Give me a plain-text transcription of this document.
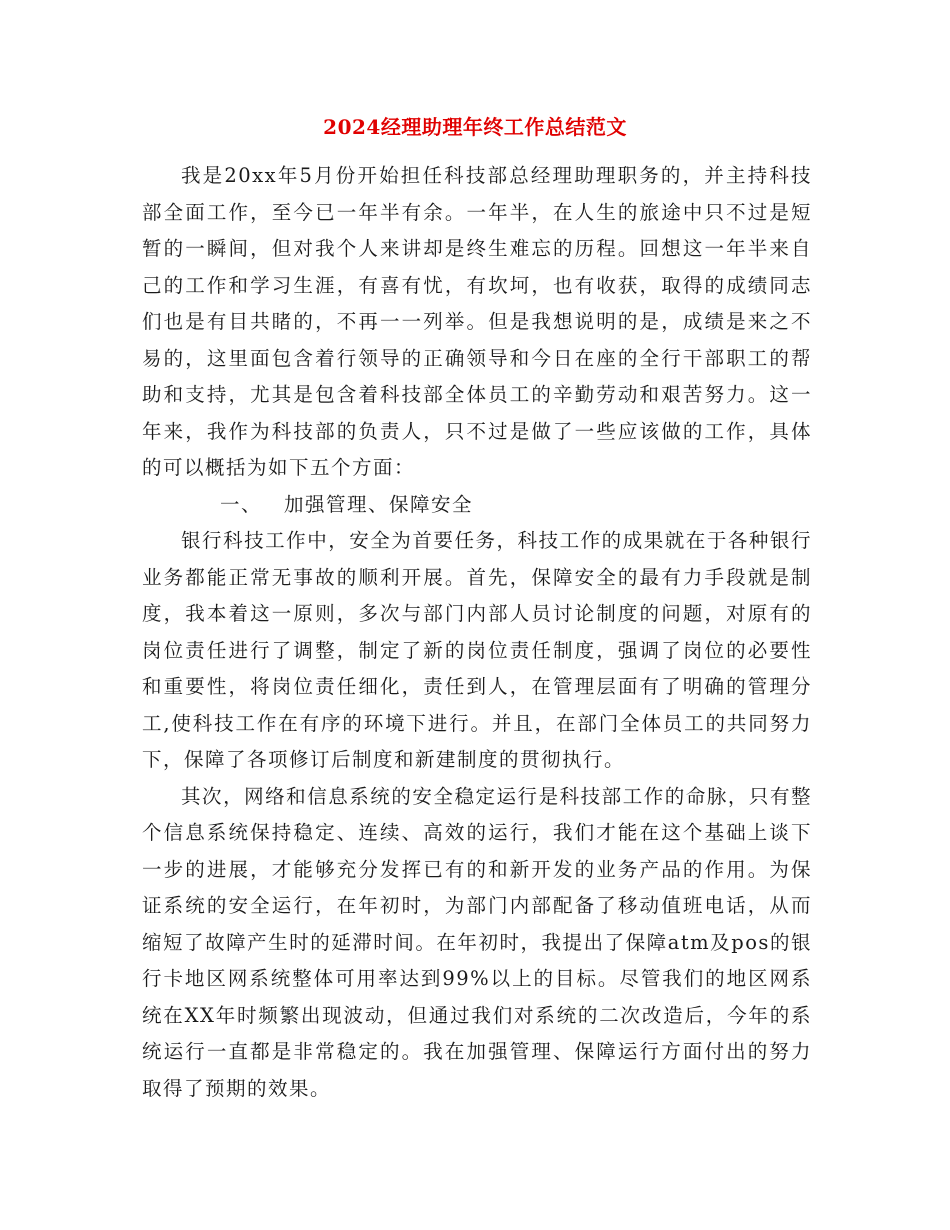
2024经理助理年终工作总结范文

我是20xx年5月份开始担任科技部总经理助理职务的，并主持科技部全面工作，至今已一年半有余。一年半，在人生的旅途中只不过是短暂的一瞬间，但对我个人来讲却是终生难忘的历程。回想这一年半来自己的工作和学习生涯，有喜有忧，有坎坷，也有收获，取得的成绩同志们也是有目共睹的，不再一一列举。但是我想说明的是，成绩是来之不易的，这里面包含着行领导的正确领导和今日在座的全行干部职工的帮助和支持，尤其是包含着科技部全体员工的辛勤劳动和艰苦努力。这一年来，我作为科技部的负责人，只不过是做了一些应该做的工作，具体的可以概括为如下五个方面：

一、 加强管理、保障安全

银行科技工作中，安全为首要任务，科技工作的成果就在于各种银行业务都能正常无事故的顺利开展。首先，保障安全的最有力手段就是制度，我本着这一原则，多次与部门内部人员讨论制度的问题，对原有的岗位责任进行了调整，制定了新的岗位责任制度，强调了岗位的必要性和重要性，将岗位责任细化，责任到人，在管理层面有了明确的管理分工,使科技工作在有序的环境下进行。并且，在部门全体员工的共同努力下，保障了各项修订后制度和新建制度的贯彻执行。

其次，网络和信息系统的安全稳定运行是科技部工作的命脉，只有整个信息系统保持稳定、连续、高效的运行，我们才能在这个基础上谈下一步的进展，才能够充分发挥已有的和新开发的业务产品的作用。为保证系统的安全运行，在年初时，为部门内部配备了移动值班电话，从而缩短了故障产生时的延滞时间。在年初时，我提出了保障atm及pos的银行卡地区网系统整体可用率达到99%以上的目标。尽管我们的地区网系统在XX年时频繁出现波动，但通过我们对系统的二次改造后，今年的系统运行一直都是非常稳定的。我在加强管理、保障运行方面付出的努力取得了预期的效果。
